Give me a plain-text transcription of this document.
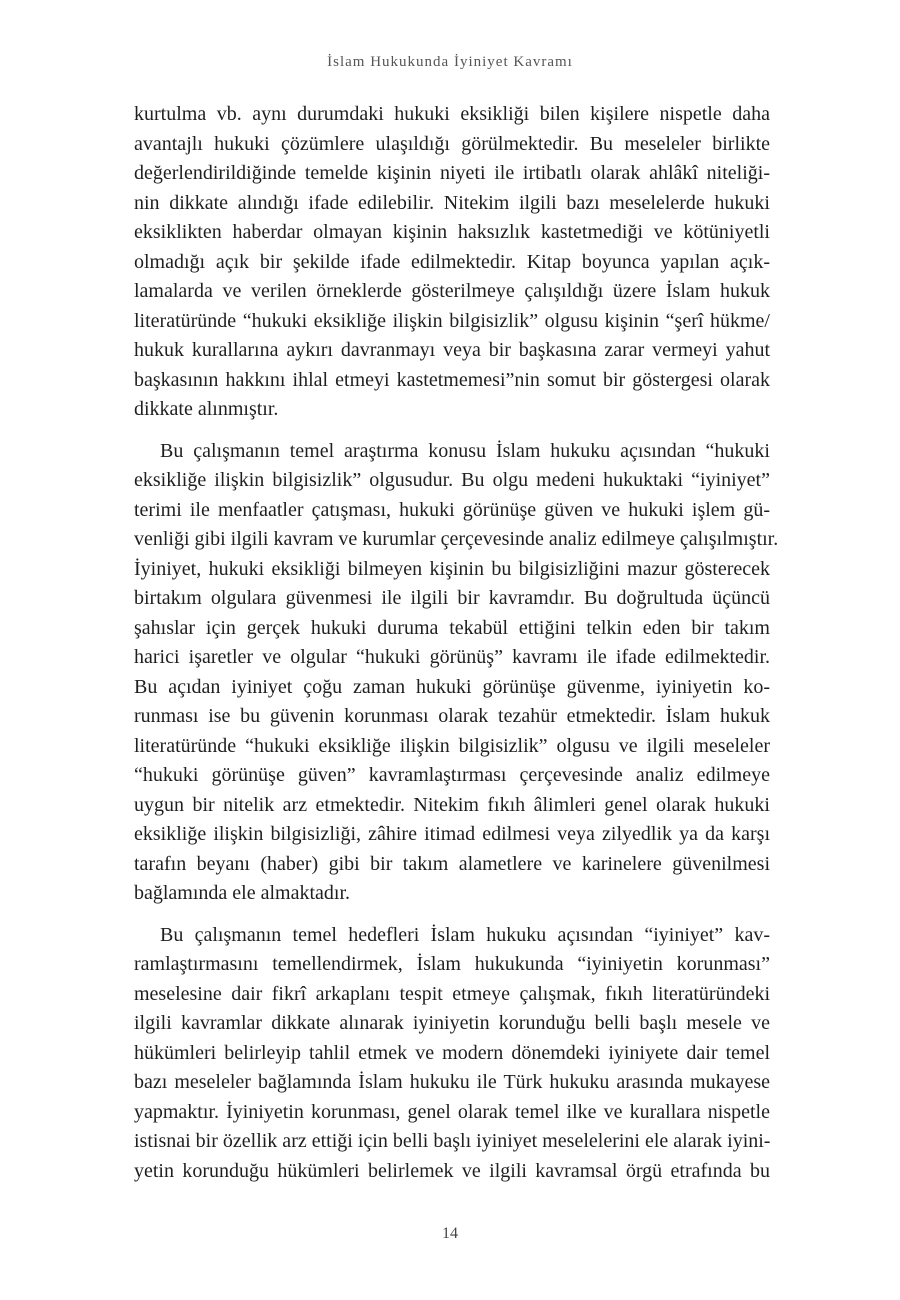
İslam Hukukunda İyiniyet Kavramı
kurtulma vb. aynı durumdaki hukuki eksikliği bilen kişilere nispetle daha
avantajlı hukuki çözümlere ulaşıldığı görülmektedir. Bu meseleler birlikte
değerlendirildiğinde temelde kişinin niyeti ile irtibatlı olarak ahlâkî niteliği-
nin dikkate alındığı ifade edilebilir. Nitekim ilgili bazı meselelerde hukuki
eksiklikten haberdar olmayan kişinin haksızlık kastetmediği ve kötüniyetli
olmadığı açık bir şekilde ifade edilmektedir. Kitap boyunca yapılan açık-
lamalarda ve verilen örneklerde gösterilmeye çalışıldığı üzere İslam hukuk
literatüründe “hukuki eksikliğe ilişkin bilgisizlik” olgusu kişinin “şerî hükme/
hukuk kurallarına aykırı davranmayı veya bir başkasına zarar vermeyi yahut
başkasının hakkını ihlal etmeyi kastetmemesi”nin somut bir göstergesi olarak
dikkate alınmıştır.
Bu çalışmanın temel araştırma konusu İslam hukuku açısından “hukuki
eksikliğe ilişkin bilgisizlik” olgusudur. Bu olgu medeni hukuktaki “iyiniyet”
terimi ile menfaatler çatışması, hukuki görünüşe güven ve hukuki işlem gü-
venliği gibi ilgili kavram ve kurumlar çerçevesinde analiz edilmeye çalışılmıştır.
İyiniyet, hukuki eksikliği bilmeyen kişinin bu bilgisizliğini mazur gösterecek
birtakım olgulara güvenmesi ile ilgili bir kavramdır. Bu doğrultuda üçüncü
şahıslar için gerçek hukuki duruma tekabül ettiğini telkin eden bir takım
harici işaretler ve olgular “hukuki görünüş” kavramı ile ifade edilmektedir.
Bu açıdan iyiniyet çoğu zaman hukuki görünüşe güvenme, iyiniyetin ko-
runması ise bu güvenin korunması olarak tezahür etmektedir. İslam hukuk
literatüründe “hukuki eksikliğe ilişkin bilgisizlik” olgusu ve ilgili meseleler
“hukuki görünüşe güven” kavramlaştırması çerçevesinde analiz edilmeye
uygun bir nitelik arz etmektedir. Nitekim fıkıh âlimleri genel olarak hukuki
eksikliğe ilişkin bilgisizliği, zâhire itimad edilmesi veya zilyedlik ya da karşı
tarafın beyanı (haber) gibi bir takım alametlere ve karinelere güvenilmesi
bağlamında ele almaktadır.
Bu çalışmanın temel hedefleri İslam hukuku açısından “iyiniyet” kav-
ramlaştırmasını temellendirmek, İslam hukukunda “iyiniyetin korunması”
meselesine dair fikrî arkaplanı tespit etmeye çalışmak, fıkıh literatüründeki
ilgili kavramlar dikkate alınarak iyiniyetin korunduğu belli başlı mesele ve
hükümleri belirleyip tahlil etmek ve modern dönemdeki iyiniyete dair temel
bazı meseleler bağlamında İslam hukuku ile Türk hukuku arasında mukayese
yapmaktır. İyiniyetin korunması, genel olarak temel ilke ve kurallara nispetle
istisnai bir özellik arz ettiği için belli başlı iyiniyet meselelerini ele alarak iyini-
yetin korunduğu hükümleri belirlemek ve ilgili kavramsal örgü etrafında bu
14
